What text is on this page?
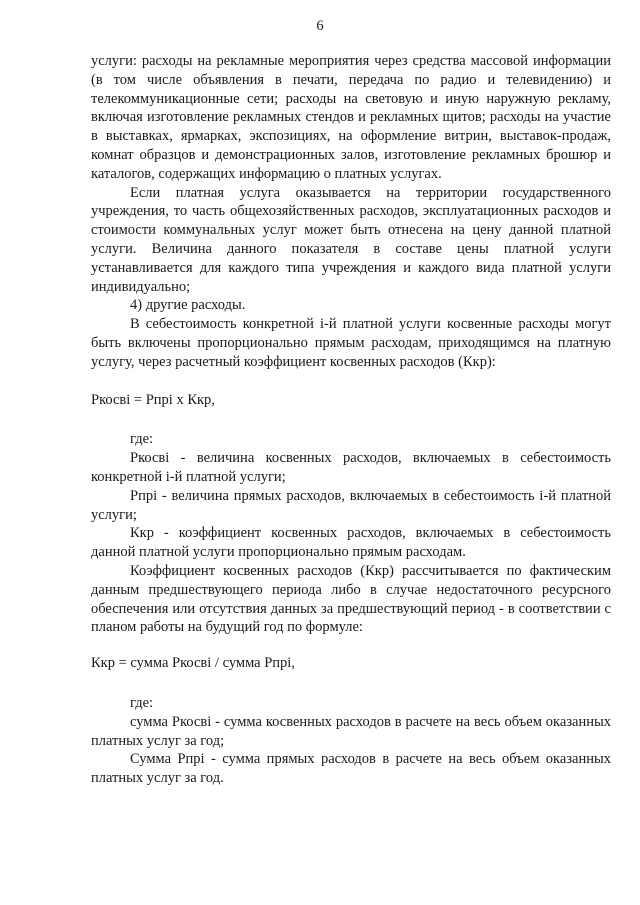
6

услуги: расходы на рекламные мероприятия через средства массовой информации (в том числе объявления в печати, передача по радио и телевидению) и телекоммуникационные сети; расходы на световую и иную наружную рекламу, включая изготовление рекламных стендов и рекламных щитов; расходы на участие в выставках, ярмарках, экспозициях, на оформление витрин, выставок-продаж, комнат образцов и демонстрационных залов, изготовление рекламных брошюр и каталогов, содержащих информацию о платных услугах.

Если платная услуга оказывается на территории государственного учреждения, то часть общехозяйственных расходов, эксплуатационных расходов и стоимости коммунальных услуг может быть отнесена на цену данной платной услуги. Величина данного показателя в составе цены платной услуги устанавливается для каждого типа учреждения и каждого вида платной услуги индивидуально;

4) другие расходы.

В себестоимость конкретной i-й платной услуги косвенные расходы могут быть включены пропорционально прямым расходам, приходящимся на платную услугу, через расчетный коэффициент косвенных расходов (Ккр):

Ркосвi = Рпрi х Ккр,

где:

Ркосвi - величина косвенных расходов, включаемых в себестоимость конкретной i-й платной услуги;

Рпрi - величина прямых расходов, включаемых в себестоимость i-й платной услуги;

Ккр - коэффициент косвенных расходов, включаемых в себестоимость данной платной услуги пропорционально прямым расходам.

Коэффициент косвенных расходов (Ккр) рассчитывается по фактическим данным предшествующего периода либо в случае недостаточного ресурсного обеспечения или отсутствия данных за предшествующий период - в соответствии с планом работы на будущий год по формуле:

Ккр = сумма Ркосвi / сумма Рпрi,

где:

сумма Ркосвi - сумма косвенных расходов в расчете на весь объем оказанных платных услуг за год;

Сумма Рпрi - сумма прямых расходов в расчете на весь объем оказанных платных услуг за год.
